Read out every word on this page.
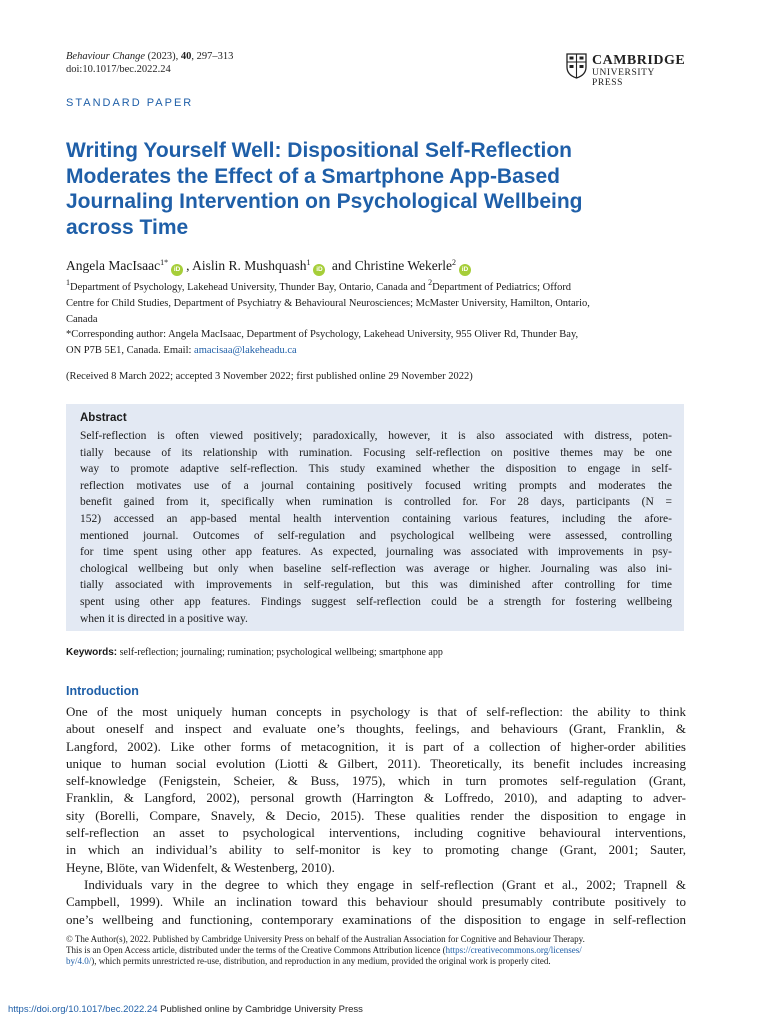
Behaviour Change (2023), 40, 297–313
doi:10.1017/bec.2022.24
CAMBRIDGE
UNIVERSITY PRESS
STANDARD PAPER
Writing Yourself Well: Dispositional Self-Reflection
Moderates the Effect of a Smartphone App-Based
Journaling Intervention on Psychological Wellbeing
across Time
Angela MacIsaac$^{1*}$iD , Aislin R. Mushquash$^1$iD and Christine Wekerle$^2$iD
$^1$Department of Psychology, Lakehead University, Thunder Bay, Ontario, Canada and $^2$Department of Pediatrics; Offord
Centre for Child Studies, Department of Psychiatry & Behavioural Neurosciences; McMaster University, Hamilton, Ontario,
Canada
*Corresponding author: Angela MacIsaac, Department of Psychology, Lakehead University, 955 Oliver Rd, Thunder Bay,
ON P7B 5E1, Canada. Email: amacisaa@lakeheadu.ca
(Received 8 March 2022; accepted 3 November 2022; first published online 29 November 2022)
Abstract
Self-reflection is often viewed positively; paradoxically, however, it is also associated with distress, poten-
tially because of its relationship with rumination. Focusing self-reflection on positive themes may be one
way to promote adaptive self-reflection. This study examined whether the disposition to engage in self-
reflection motivates use of a journal containing positively focused writing prompts and moderates the
benefit gained from it, specifically when rumination is controlled for. For 28 days, participants (N =
152) accessed an app-based mental health intervention containing various features, including the afore-
mentioned journal. Outcomes of self-regulation and psychological wellbeing were assessed, controlling
for time spent using other app features. As expected, journaling was associated with improvements in psy-
chological wellbeing but only when baseline self-reflection was average or higher. Journaling was also ini-
tially associated with improvements in self-regulation, but this was diminished after controlling for time
spent using other app features. Findings suggest self-reflection could be a strength for fostering wellbeing
when it is directed in a positive way.
Keywords: self-reflection; journaling; rumination; psychological wellbeing; smartphone app
Introduction
One of the most uniquely human concepts in psychology is that of self-reflection: the ability to think
about oneself and inspect and evaluate one’s thoughts, feelings, and behaviours (Grant, Franklin, &
Langford, 2002). Like other forms of metacognition, it is part of a collection of higher-order abilities
unique to human social evolution (Liotti & Gilbert, 2011). Theoretically, its benefit includes increasing
self-knowledge (Fenigstein, Scheier, & Buss, 1975), which in turn promotes self-regulation (Grant,
Franklin, & Langford, 2002), personal growth (Harrington & Loffredo, 2010), and adapting to adver-
sity (Borelli, Compare, Snavely, & Decio, 2015). These qualities render the disposition to engage in
self-reflection an asset to psychological interventions, including cognitive behavioural interventions,
in which an individual’s ability to self-monitor is key to promoting change (Grant, 2001; Sauter,
Heyne, Blöte, van Widenfelt, & Westenberg, 2010).
Individuals vary in the degree to which they engage in self-reflection (Grant et al., 2002; Trapnell &
Campbell, 1999). While an inclination toward this behaviour should presumably contribute positively to
one’s wellbeing and functioning, contemporary examinations of the disposition to engage in self-reflection
© The Author(s), 2022. Published by Cambridge University Press on behalf of the Australian Association for Cognitive and Behaviour Therapy.
This is an Open Access article, distributed under the terms of the Creative Commons Attribution licence (https://creativecommons.org/licenses/
by/4.0/), which permits unrestricted re-use, distribution, and reproduction in any medium, provided the original work is properly cited.
https://doi.org/10.1017/bec.2022.24 Published online by Cambridge University Press
